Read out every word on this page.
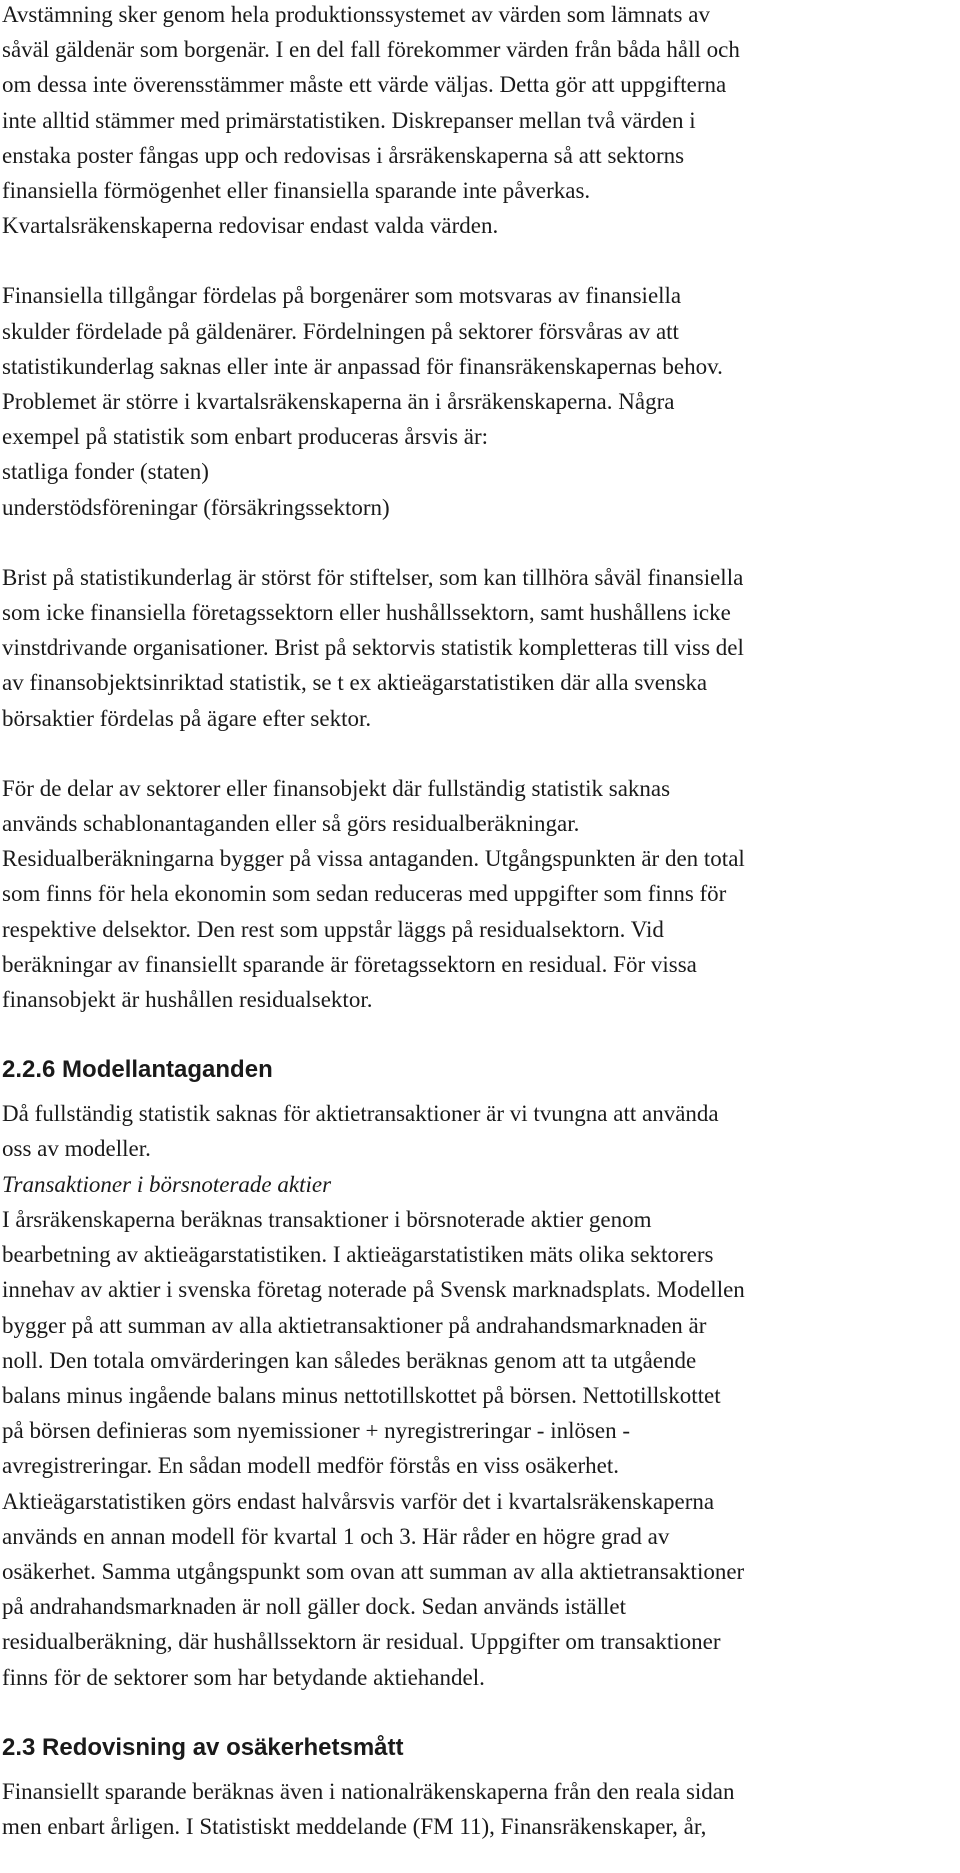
Avstämning sker genom hela produktionssystemet av värden som lämnats av
såväl gäldenär som borgenär. I en del fall förekommer värden från båda håll och
om dessa inte överensstämmer måste ett värde väljas. Detta gör att uppgifterna
inte alltid stämmer med primärstatistiken. Diskrepanser mellan två värden i
enstaka poster fångas upp och redovisas i årsräkenskaperna så att sektorns
finansiella förmögenhet eller finansiella sparande inte påverkas.
Kvartalsräkenskaperna redovisar endast valda värden.
Finansiella tillgångar fördelas på borgenärer som motsvaras av finansiella
skulder fördelade på gäldenärer. Fördelningen på sektorer försvåras av att
statistikunderlag saknas eller inte är anpassad för finansräkenskapernas behov.
Problemet är större i kvartalsräkenskaperna än i årsräkenskaperna. Några
exempel på statistik som enbart produceras årsvis är:
statliga fonder (staten)
understödsföreningar (försäkringssektorn)
Brist på statistikunderlag är störst för stiftelser, som kan tillhöra såväl finansiella
som icke finansiella företagssektorn eller hushållssektorn, samt hushållens icke
vinstdrivande organisationer. Brist på sektorvis statistik kompletteras till viss del
av finansobjektsinriktad statistik, se t ex aktieägarstatistiken där alla svenska
börsaktier fördelas på ägare efter sektor.
För de delar av sektorer eller finansobjekt där fullständig statistik saknas
används schablonantaganden eller så görs residualberäkningar.
Residualberäkningarna bygger på vissa antaganden. Utgångspunkten är den total
som finns för hela ekonomin som sedan reduceras med uppgifter som finns för
respektive delsektor. Den rest som uppstår läggs på residualsektorn. Vid
beräkningar av finansiellt sparande är företagssektorn en residual. För vissa
finansobjekt är hushållen residualsektor.
2.2.6 Modellantaganden
Då fullständig statistik saknas för aktietransaktioner är vi tvungna att använda
oss av modeller.
Transaktioner i börsnoterade aktier
I årsräkenskaperna beräknas transaktioner i börsnoterade aktier genom
bearbetning av aktieägarstatistiken. I aktieägarstatistiken mäts olika sektorers
innehav av aktier i svenska företag noterade på Svensk marknadsplats. Modellen
bygger på att summan av alla aktietransaktioner på andrahandsmarknaden är
noll. Den totala omvärderingen kan således beräknas genom att ta utgående
balans minus ingående balans minus nettotillskottet på börsen. Nettotillskottet
på börsen definieras som nyemissioner + nyregistreringar - inlösen -
avregistreringar. En sådan modell medför förstås en viss osäkerhet.
Aktieägarstatistiken görs endast halvårsvis varför det i kvartalsräkenskaperna
används en annan modell för kvartal 1 och 3. Här råder en högre grad av
osäkerhet. Samma utgångspunkt som ovan att summan av alla aktietransaktioner
på andrahandsmarknaden är noll gäller dock. Sedan används istället
residualberäkning, där hushållssektorn är residual. Uppgifter om transaktioner
finns för de sektorer som har betydande aktiehandel.
2.3 Redovisning av osäkerhetsmått
Finansiellt sparande beräknas även i nationalräkenskaperna från den reala sidan
men enbart årligen. I Statistiskt meddelande (FM 11), Finansräkenskaper, år,
